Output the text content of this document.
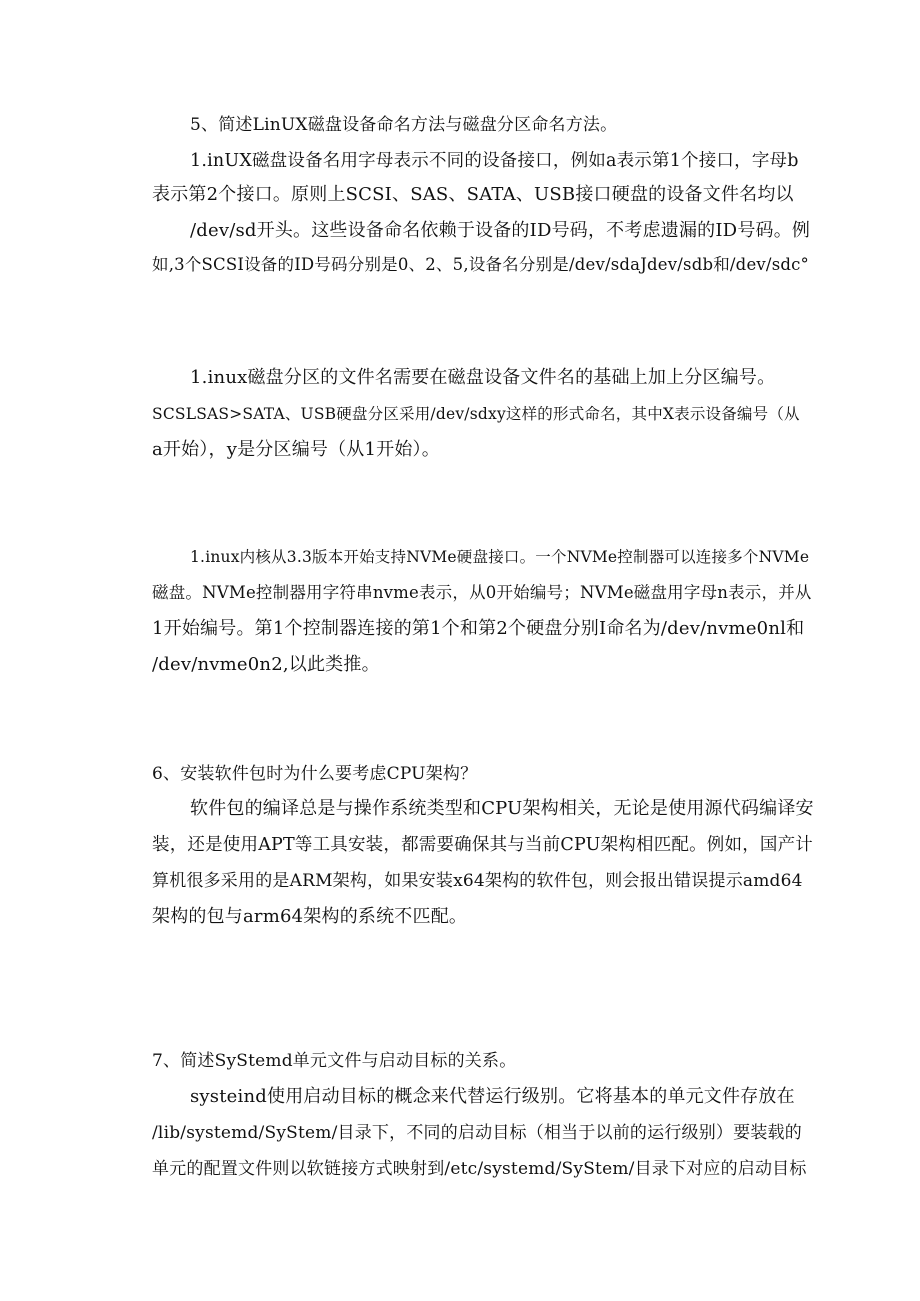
5、简述LinUX磁盘设备命名方法与磁盘分区命名方法。
1.inUX磁盘设备名用字母表示不同的设备接口，例如a表示第1个接口，字母b
表示第2个接口。原则上SCSI、SAS、SATA、USB接口硬盘的设备文件名均以
/dev/sd开头。这些设备命名依赖于设备的ID号码，不考虑遗漏的ID号码。例
如,3个SCSI设备的ID号码分别是0、2、5,设备名分别是/dev/sdaJdev/sdb和/dev/sdc°
1.inux磁盘分区的文件名需要在磁盘设备文件名的基础上加上分区编号。
SCSLSAS>SATA、USB硬盘分区采用/dev/sdxy这样的形式命名，其中X表示设备编号（从
a开始），y是分区编号（从1开始）。
1.inux内核从3.3版本开始支持NVMe硬盘接口。一个NVMe控制器可以连接多个NVMe
磁盘。NVMe控制器用字符串nvme表示，从0开始编号；NVMe磁盘用字母n表示，并从
1开始编号。第1个控制器连接的第1个和第2个硬盘分别I命名为/dev/nvme0nl和
/dev/nvme0n2,以此类推。
6、安装软件包时为什么要考虑CPU架构？
软件包的编译总是与操作系统类型和CPU架构相关，无论是使用源代码编译安
装，还是使用APT等工具安装，都需要确保其与当前CPU架构相匹配。例如，国产计
算机很多采用的是ARM架构，如果安装x64架构的软件包，则会报出错误提示amd64
架构的包与arm64架构的系统不匹配。
7、简述SyStemd单元文件与启动目标的关系。
systeind使用启动目标的概念来代替运行级别。它将基本的单元文件存放在
/lib/systemd/SyStem/目录下，不同的启动目标（相当于以前的运行级别）要装载的
单元的配置文件则以软链接方式映射到/etc/systemd/SyStem/目录下对应的启动目标
